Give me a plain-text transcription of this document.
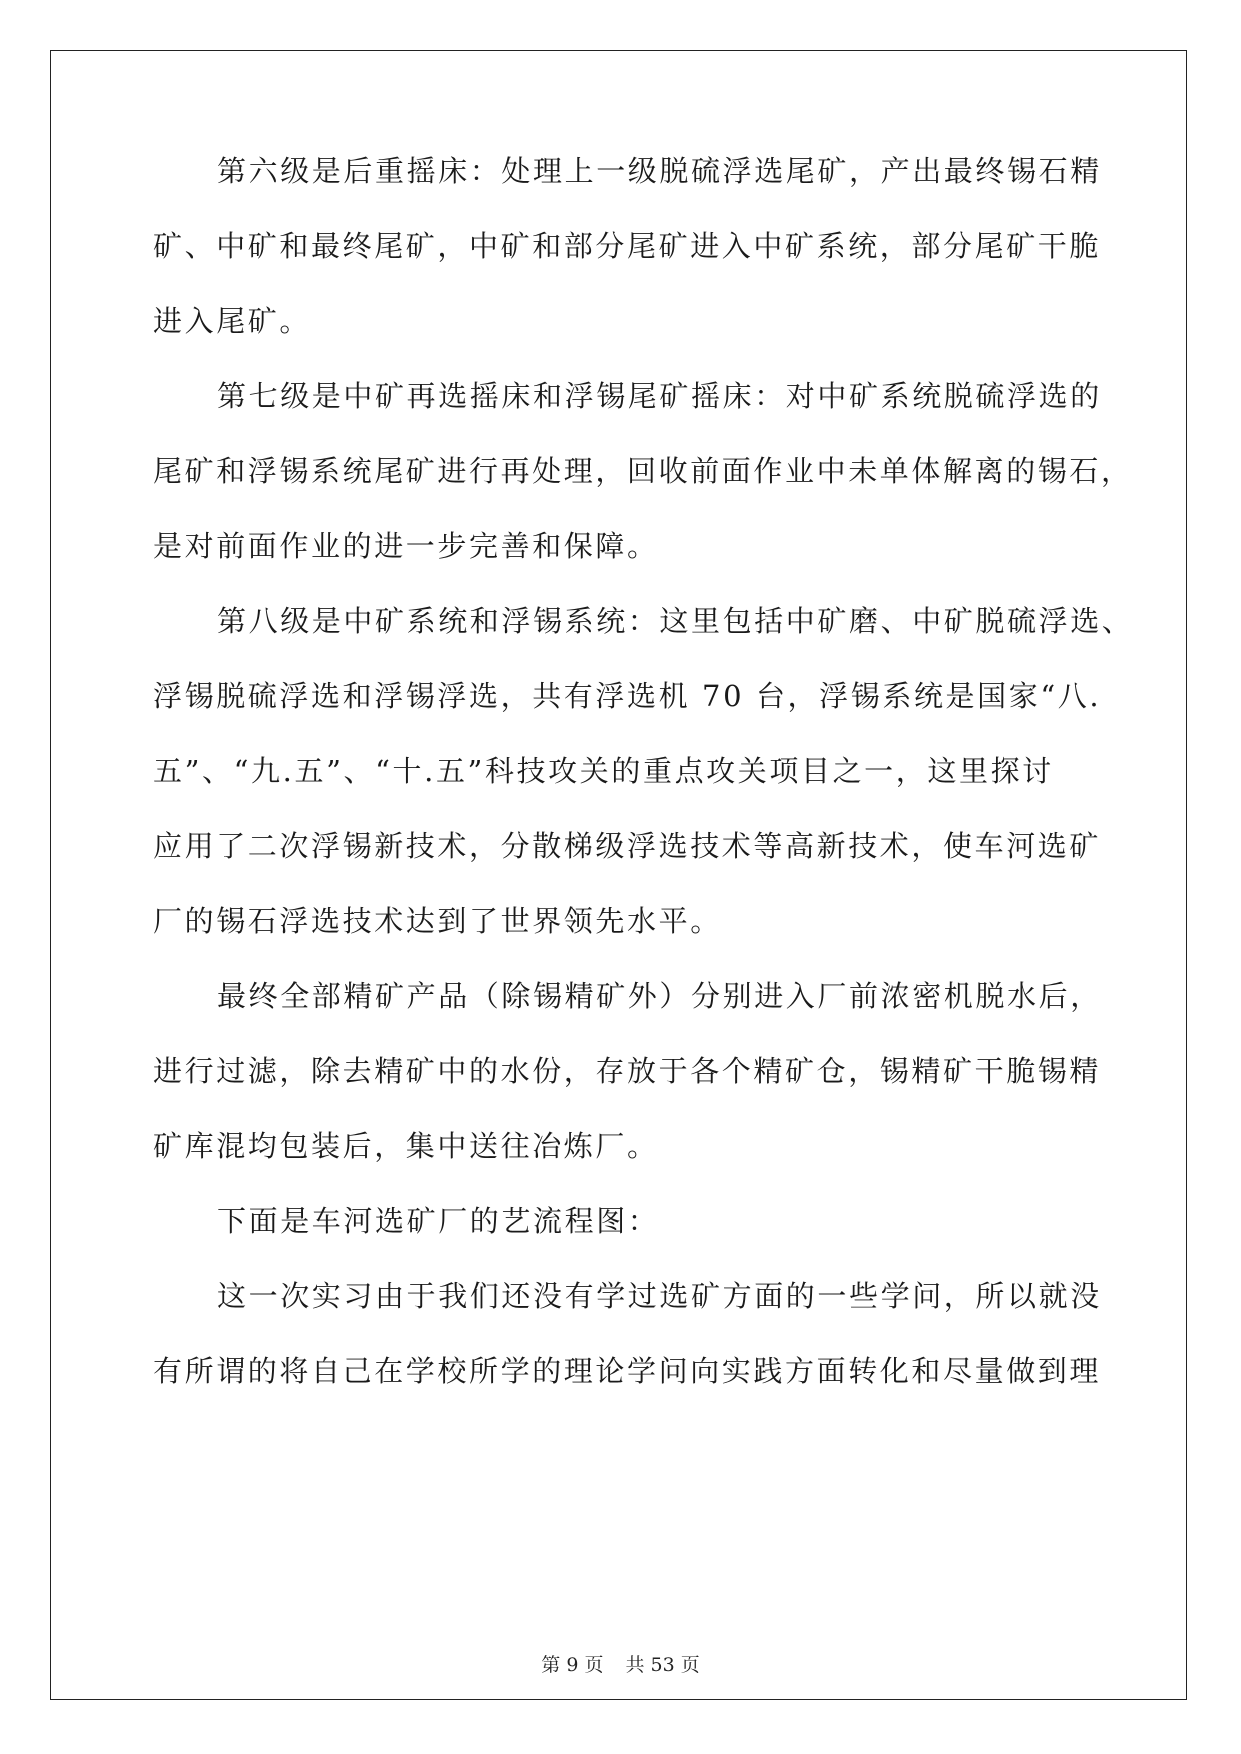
第六级是后重摇床：处理上一级脱硫浮选尾矿，产出最终锡石精
矿、中矿和最终尾矿，中矿和部分尾矿进入中矿系统，部分尾矿干脆
进入尾矿。
第七级是中矿再选摇床和浮锡尾矿摇床：对中矿系统脱硫浮选的
尾矿和浮锡系统尾矿进行再处理，回收前面作业中未单体解离的锡石，
是对前面作业的进一步完善和保障。
第八级是中矿系统和浮锡系统：这里包括中矿磨、中矿脱硫浮选、
浮锡脱硫浮选和浮锡浮选，共有浮选机 70 台，浮锡系统是国家“八.
五”、“九.五”、“十.五”科技攻关的重点攻关项目之一，这里探讨
应用了二次浮锡新技术，分散梯级浮选技术等高新技术，使车河选矿
厂的锡石浮选技术达到了世界领先水平。
最终全部精矿产品（除锡精矿外）分别进入厂前浓密机脱水后，
进行过滤，除去精矿中的水份，存放于各个精矿仓，锡精矿干脆锡精
矿库混均包装后，集中送往冶炼厂。
下面是车河选矿厂的艺流程图：
这一次实习由于我们还没有学过选矿方面的一些学问，所以就没
有所谓的将自己在学校所学的理论学问向实践方面转化和尽量做到理
第 9 页 共 53 页
